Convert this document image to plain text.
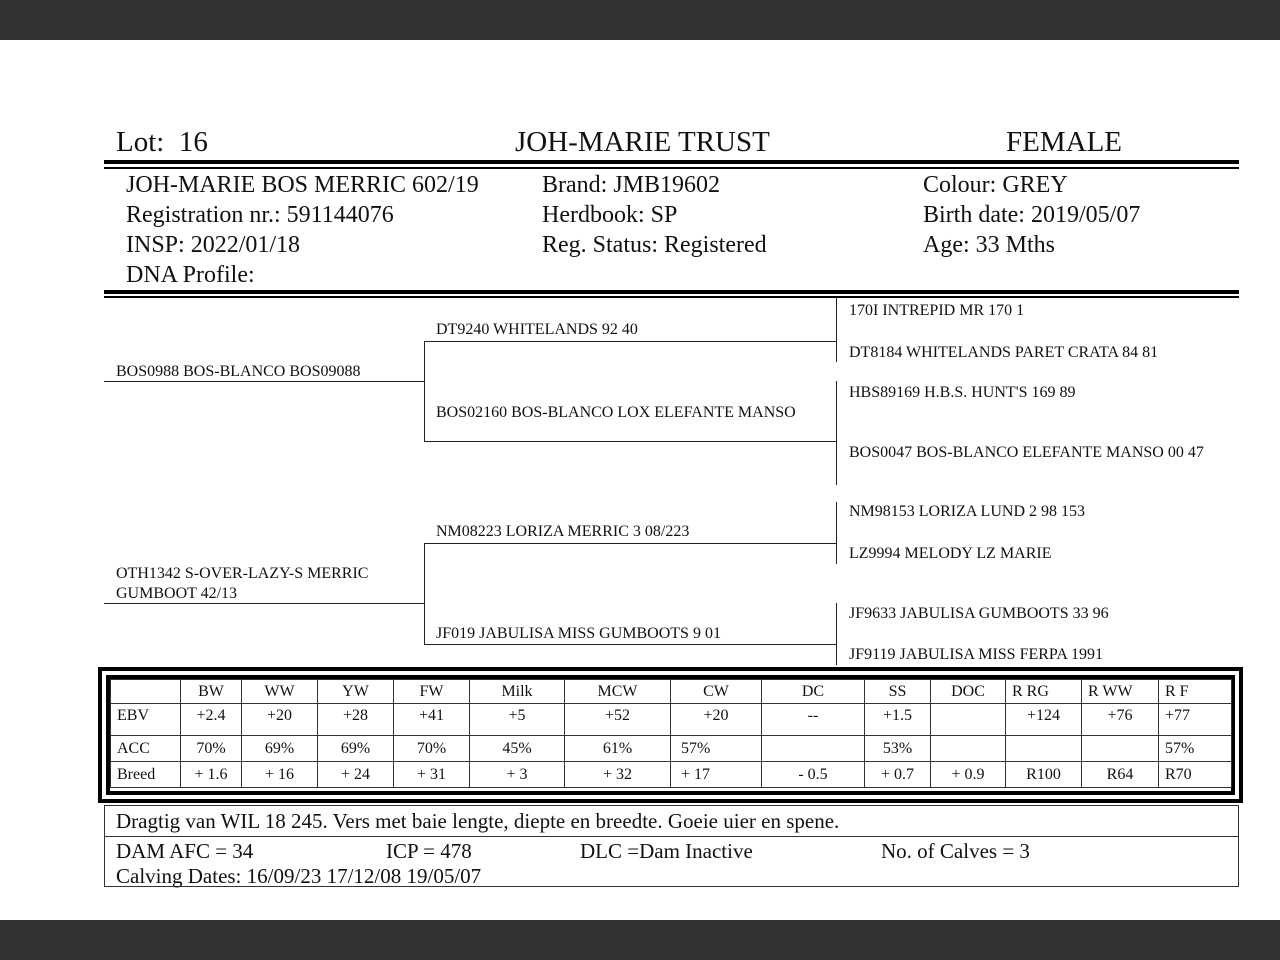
Lot: 16	JOH-MARIE TRUST	FEMALE
JOH-MARIE BOS MERRIC 602/19
Registration nr.: 591144076
INSP: 2022/01/18
DNA Profile:
Brand: JMB19602
Herdbook: SP
Reg. Status: Registered
Colour: GREY
Birth date: 2019/05/07
Age: 33 Mths
BOS0988 BOS-BLANCO BOS09088
OTH1342 S-OVER-LAZY-S MERRIC GUMBOOT 42/13
DT9240 WHITELANDS 92 40
BOS02160 BOS-BLANCO LOX ELEFANTE MANSO
NM08223 LORIZA MERRIC 3 08/223
JF019 JABULISA MISS GUMBOOTS 9 01
170I INTREPID MR 170 1
DT8184 WHITELANDS PARET CRATA 84 81
HBS89169 H.B.S. HUNT'S 169 89
BOS0047 BOS-BLANCO ELEFANTE MANSO 00 47
NM98153 LORIZA LUND 2 98 153
LZ9994 MELODY LZ MARIE
JF9633 JABULISA GUMBOOTS 33 96
JF9119 JABULISA MISS FERPA 1991
	BW	WW	YW	FW	Milk	MCW	CW	DC	SS	DOC	R RG	R WW	R F
EBV	+2.4	+20	+28	+41	+5	+52	+20	--	+1.5		+124	+76	+77
ACC	70%	69%	69%	70%	45%	61%	57%		53%				57%
Breed	+ 1.6	+ 16	+ 24	+ 31	+ 3	+ 32	+ 17	- 0.5	+ 0.7	+ 0.9	R100	R64	R70
Dragtig van WIL 18 245. Vers met baie lengte, diepte en breedte. Goeie uier en spene.
DAM AFC = 34	ICP = 478	DLC =Dam Inactive	No. of Calves = 3
Calving Dates: 16/09/23 17/12/08 19/05/07
